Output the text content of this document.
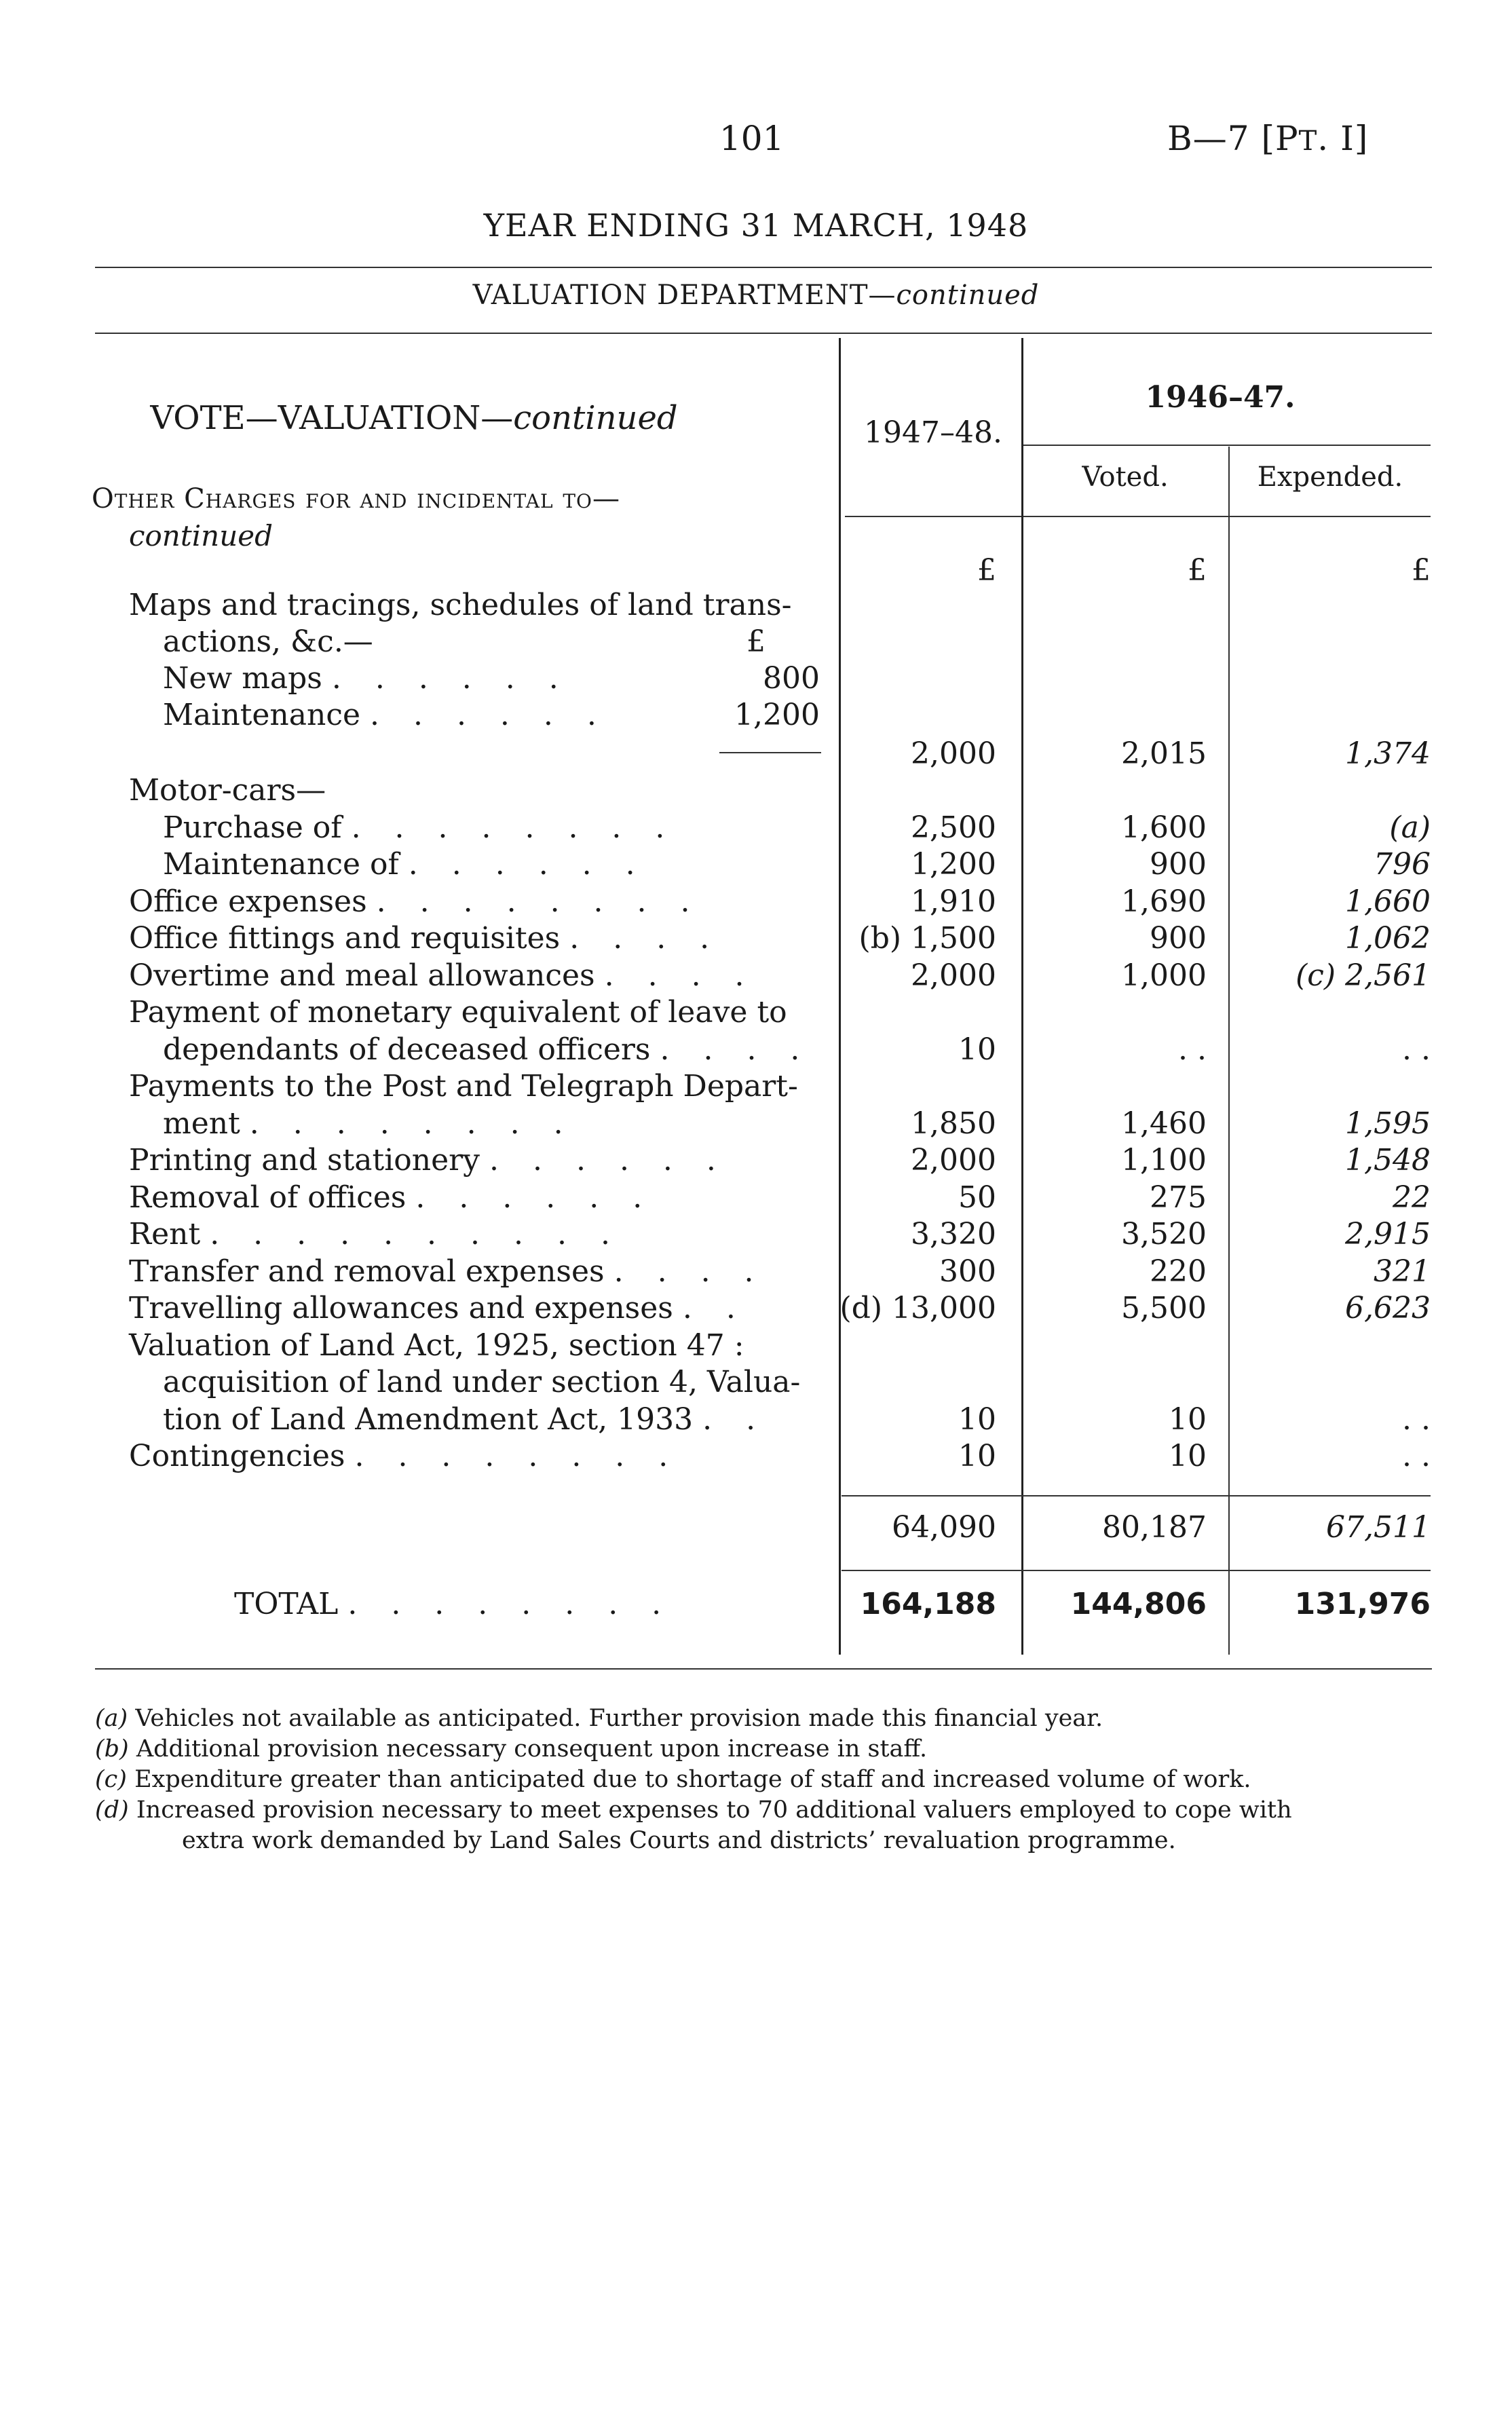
101	B—7 [PT. I]
YEAR ENDING 31 MARCH, 1948
VALUATION DEPARTMENT—continued
VOTE—VALUATION—continued
Other Charges for and incidental to—
continued
1947–48.
1946–47.
Voted.	Expended.
£	£	£
Maps and tracings, schedules of land trans-
actions, &c.—	£
New maps . . . . . .	800
Maintenance . . . . . .	1,200
2,000	2,015	1,374
Motor-cars—
Purchase of . . . . . . . .	2,500	1,600	(a)
Maintenance of . . . . . .	1,200	900	796
Office expenses . . . . . . . .	1,910	1,690	1,660
Office fittings and requisites . . . .	(b) 1,500	900	1,062
Overtime and meal allowances . . . .	2,000	1,000	(c) 2,561
Payment of monetary equivalent of leave to
dependants of deceased officers . . . .	10	. .	. .
Payments to the Post and Telegraph Depart-
ment . . . . . . . .	1,850	1,460	1,595
Printing and stationery . . . . . .	2,000	1,100	1,548
Removal of offices . . . . . .	50	275	22
Rent . . . . . . . . . .	3,320	3,520	2,915
Transfer and removal expenses . . . .	300	220	321
Travelling allowances and expenses . .	(d) 13,000	5,500	6,623
Valuation of Land Act, 1925, section 47 :
acquisition of land under section 4, Valua-
tion of Land Amendment Act, 1933 . .	10	10	. .
Contingencies . . . . . . . .	10	10	. .
64,090	80,187	67,511
TOTAL . . . . . . . .	164,188 144,806	131,976
(a) Vehicles not available as anticipated. Further provision made this financial year.
(b) Additional provision necessary consequent upon increase in staff.
(c) Expenditure greater than anticipated due to shortage of staff and increased volume of work.
(d) Increased provision necessary to meet expenses to 70 additional valuers employed to cope with
extra work demanded by Land Sales Courts and districts’ revaluation programme.
